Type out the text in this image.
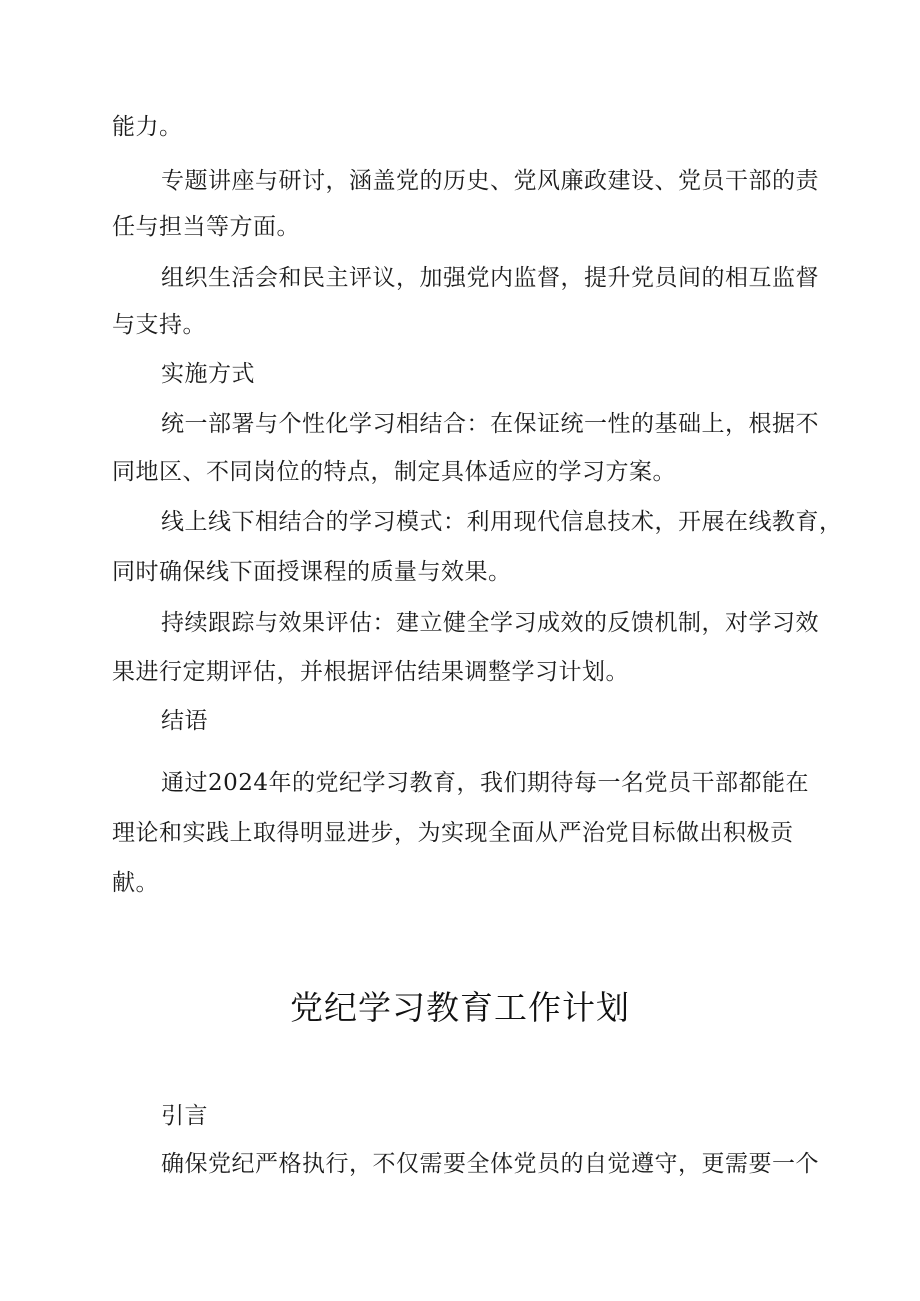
能力。
专题讲座与研讨，涵盖党的历史、党风廉政建设、党员干部的责
任与担当等方面。
组织生活会和民主评议，加强党内监督，提升党员间的相互监督
与支持。
实施方式
统一部署与个性化学习相结合：在保证统一性的基础上，根据不
同地区、不同岗位的特点，制定具体适应的学习方案。
线上线下相结合的学习模式：利用现代信息技术，开展在线教育，
同时确保线下面授课程的质量与效果。
持续跟踪与效果评估：建立健全学习成效的反馈机制，对学习效
果进行定期评估，并根据评估结果调整学习计划。
结语
通过2024年的党纪学习教育，我们期待每一名党员干部都能在
理论和实践上取得明显进步，为实现全面从严治党目标做出积极贡
献。
党纪学习教育工作计划
引言
确保党纪严格执行，不仅需要全体党员的自觉遵守，更需要一个
